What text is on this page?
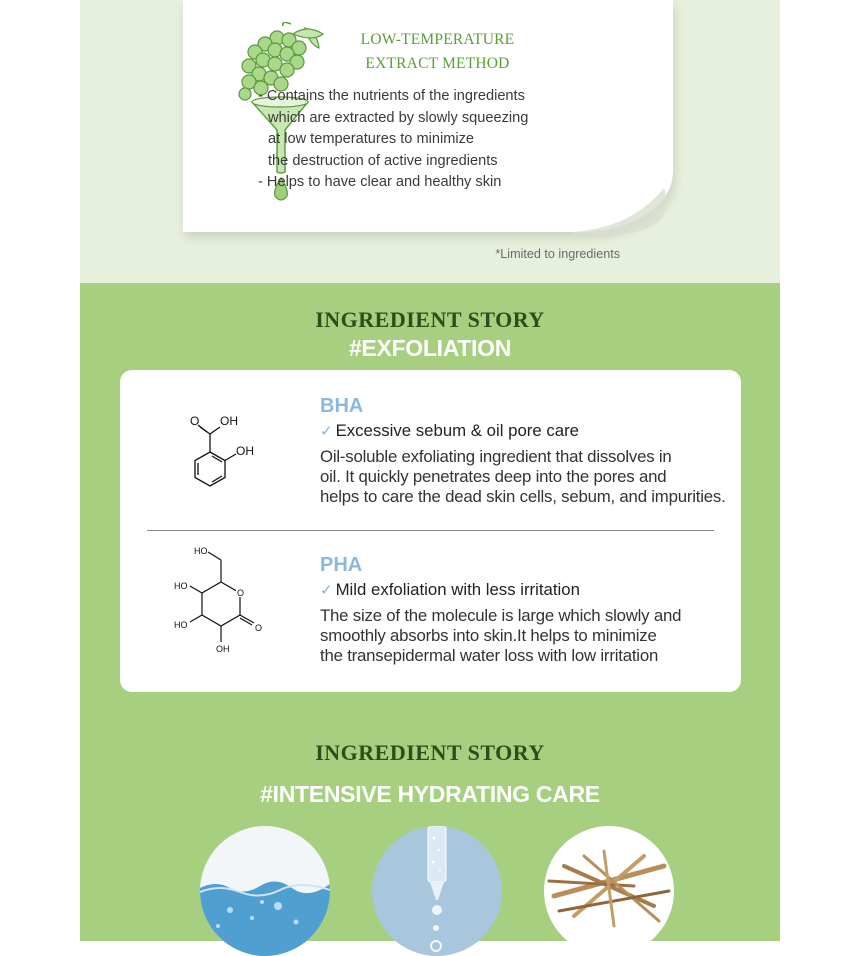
LOW-TEMPERATURE
EXTRACT METHOD
- Contains the nutrients of the ingredients
which are extracted by slowly squeezing
at low temperatures to minimize
the destruction of active ingredients
- Helps to have clear and healthy skin
*Limited to ingredients
INGREDIENT STORY
#EXFOLIATION
O OH
OH
BHA
✓ Excessive sebum & oil pore care
Oil-soluble exfoliating ingredient that dissolves in
oil. It quickly penetrates deep into the pores and
helps to care the dead skin cells, sebum, and impurities.
HO
HO
HO
OH
O
O
PHA
✓ Mild exfoliation with less irritation
The size of the molecule is large which slowly and
smoothly absorbs into skin.It helps to minimize
the transepidermal water loss with low irritation
INGREDIENT STORY
#INTENSIVE HYDRATING CARE
